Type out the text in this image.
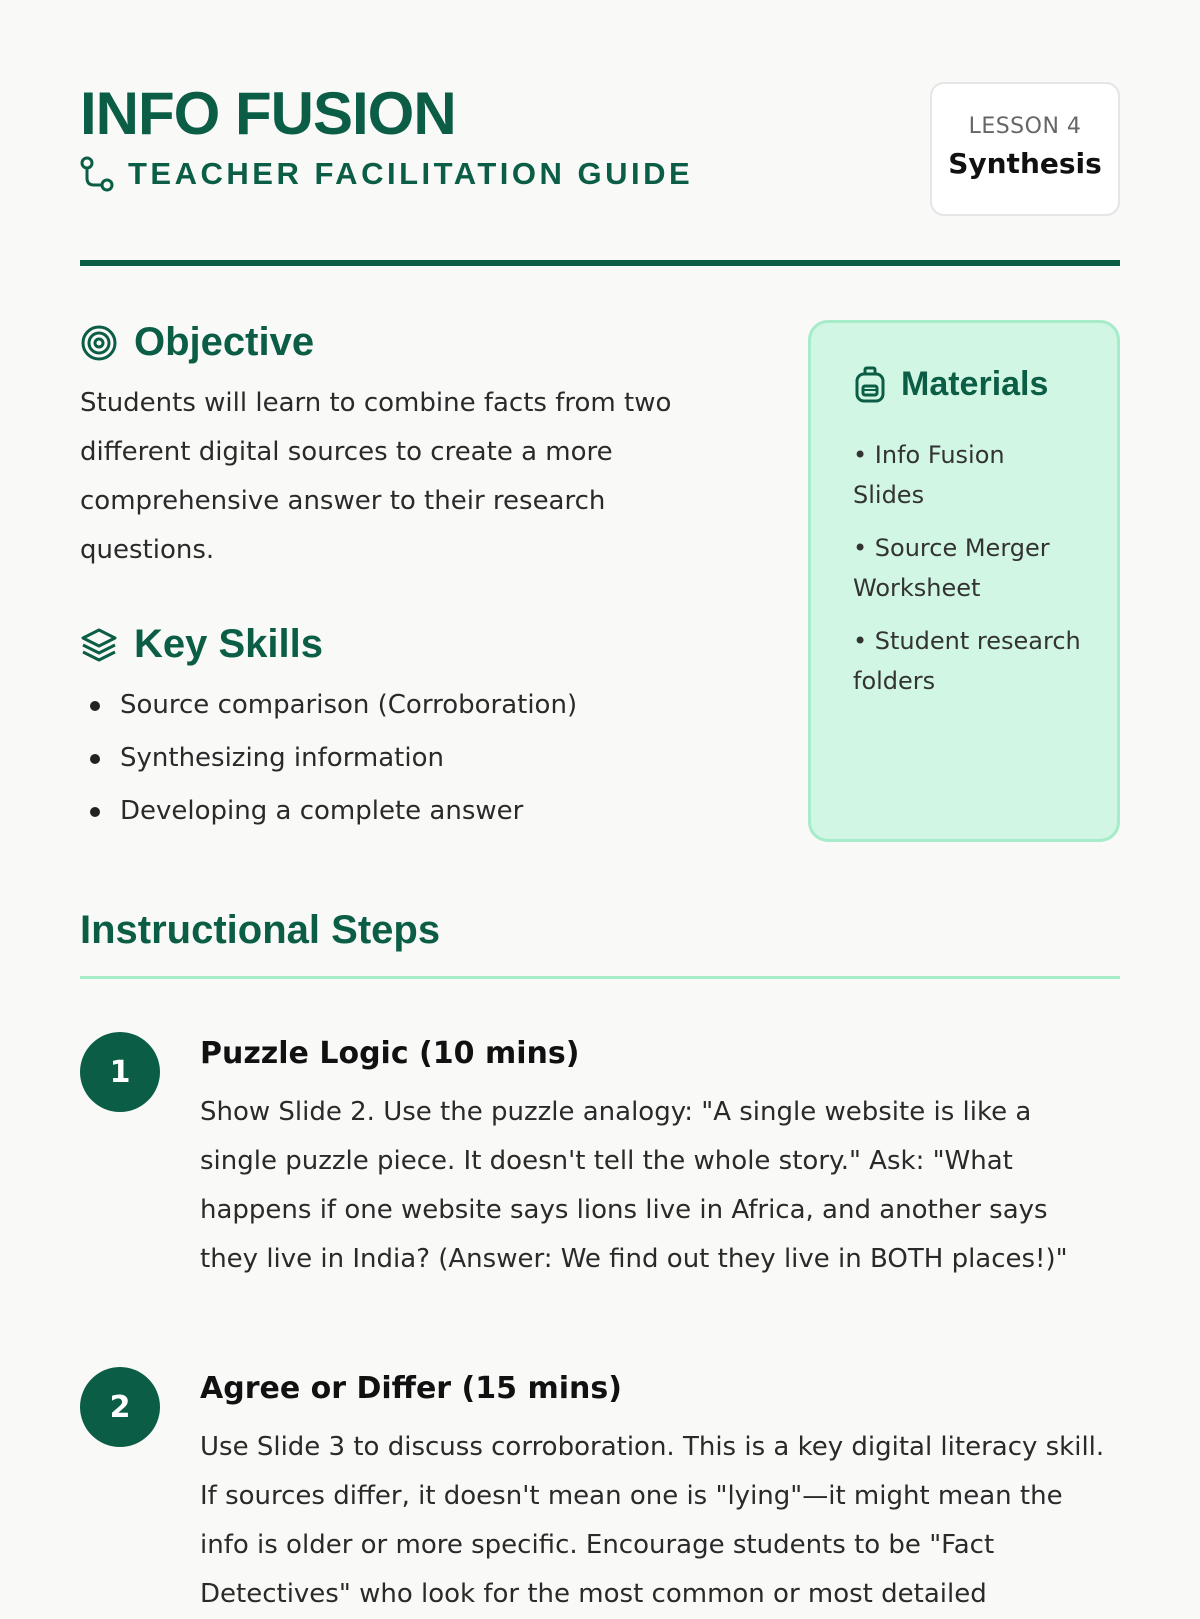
INFO FUSION
TEACHER FACILITATION GUIDE
LESSON 4
Synthesis
Objective
Students will learn to combine facts from two different digital sources to create a more comprehensive answer to their research questions.
Key Skills
Source comparison (Corroboration)
Synthesizing information
Developing a complete answer
Materials
• Info Fusion Slides
• Source Merger Worksheet
• Student research folders
Instructional Steps
1
Puzzle Logic (10 mins)
Show Slide 2. Use the puzzle analogy: "A single website is like a single puzzle piece. It doesn't tell the whole story." Ask: "What happens if one website says lions live in Africa, and another says they live in India? (Answer: We find out they live in BOTH places!)"
2
Agree or Differ (15 mins)
Use Slide 3 to discuss corroboration. This is a key digital literacy skill. If sources differ, it doesn't mean one is "lying"—it might mean the info is older or more specific. Encourage students to be "Fact Detectives" who look for the most common or most detailed
